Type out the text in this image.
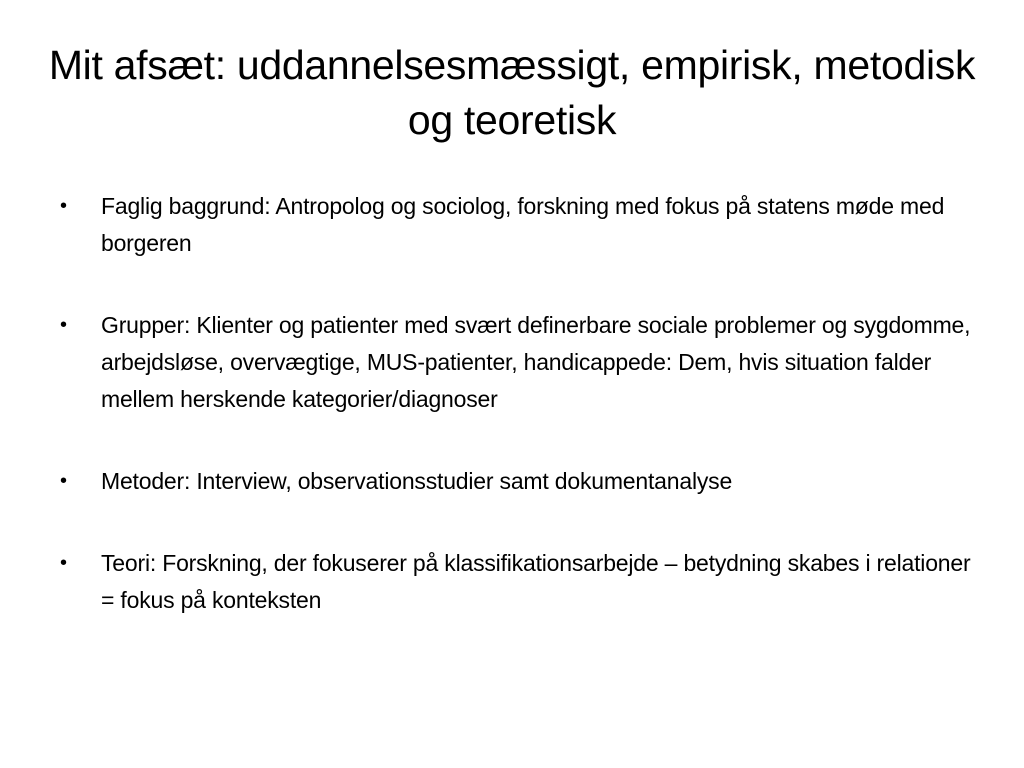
Mit afsæt: uddannelsesmæssigt, empirisk, metodisk og teoretisk
•	Faglig baggrund: Antropolog og sociolog, forskning med fokus på statens møde med borgeren
•	Grupper: Klienter og patienter med svært definerbare sociale problemer og sygdomme, arbejdsløse, overvægtige, MUS-patienter, handicappede: Dem, hvis situation falder mellem herskende kategorier/diagnoser
•	Metoder: Interview, observationsstudier samt dokumentanalyse
•	Teori: Forskning, der fokuserer på klassifikationsarbejde – betydning skabes i relationer = fokus på konteksten
